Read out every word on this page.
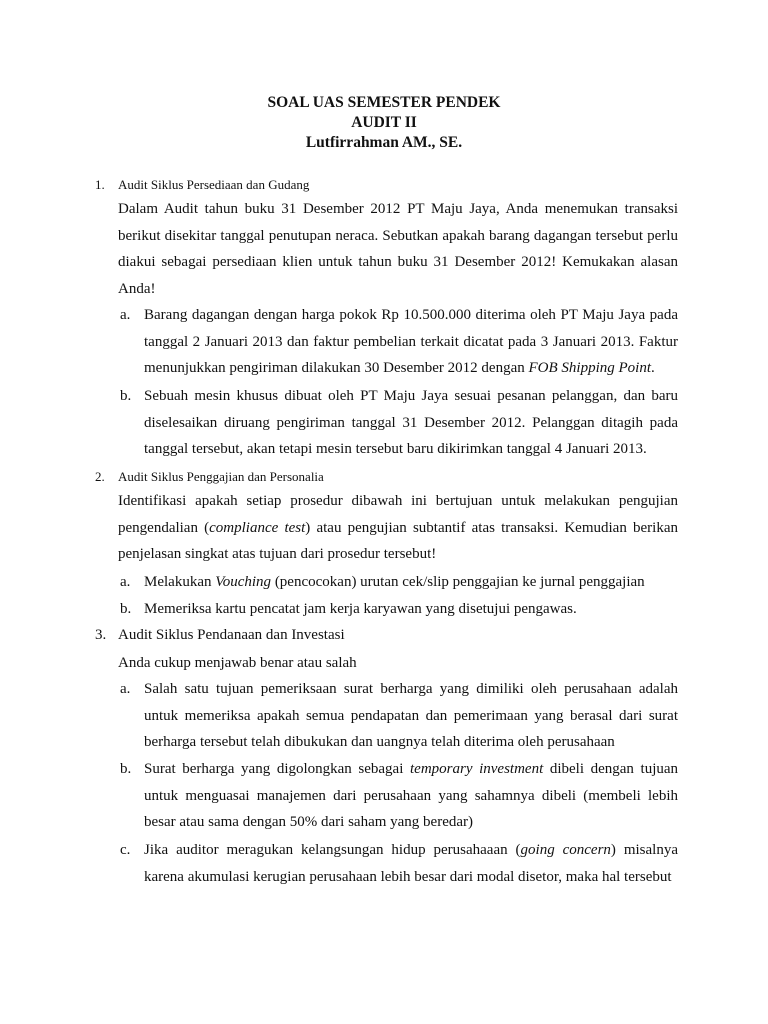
SOAL UAS SEMESTER PENDEK
AUDIT II
Lutfirrahman AM., SE.
1. Audit Siklus Persediaan dan Gudang
Dalam Audit tahun buku 31 Desember 2012 PT Maju Jaya, Anda menemukan transaksi berikut disekitar tanggal penutupan neraca. Sebutkan apakah barang dagangan tersebut perlu diakui sebagai persediaan klien untuk tahun buku 31 Desember 2012! Kemukakan alasan Anda!
a. Barang dagangan dengan harga pokok Rp 10.500.000 diterima oleh PT Maju Jaya pada tanggal 2 Januari 2013 dan faktur pembelian terkait dicatat pada 3 Januari 2013. Faktur menunjukkan pengiriman dilakukan 30 Desember 2012 dengan FOB Shipping Point.
b. Sebuah mesin khusus dibuat oleh PT Maju Jaya sesuai pesanan pelanggan, dan baru diselesaikan diruang pengiriman tanggal 31 Desember 2012. Pelanggan ditagih pada tanggal tersebut, akan tetapi mesin tersebut baru dikirimkan tanggal 4 Januari 2013.
2. Audit Siklus Penggajian dan Personalia
Identifikasi apakah setiap prosedur dibawah ini bertujuan untuk melakukan pengujian pengendalian (compliance test) atau pengujian subtantif atas transaksi. Kemudian berikan penjelasan singkat atas tujuan dari prosedur tersebut!
a. Melakukan Vouching (pencocokan) urutan cek/slip penggajian ke jurnal penggajian
b. Memeriksa kartu pencatat jam kerja karyawan yang disetujui pengawas.
3. Audit Siklus Pendanaan dan Investasi
Anda cukup menjawab benar atau salah
a. Salah satu tujuan pemeriksaan surat berharga yang dimiliki oleh perusahaan adalah untuk memeriksa apakah semua pendapatan dan pemerimaan yang berasal dari surat berharga tersebut telah dibukukan dan uangnya telah diterima oleh perusahaan
b. Surat berharga yang digolongkan sebagai temporary investment dibeli dengan tujuan untuk menguasai manajemen dari perusahaan yang sahamnya dibeli (membeli lebih besar atau sama dengan 50% dari saham yang beredar)
c. Jika auditor meragukan kelangsungan hidup perusahaaan (going concern) misalnya karena akumulasi kerugian perusahaan lebih besar dari modal disetor, maka hal tersebut
